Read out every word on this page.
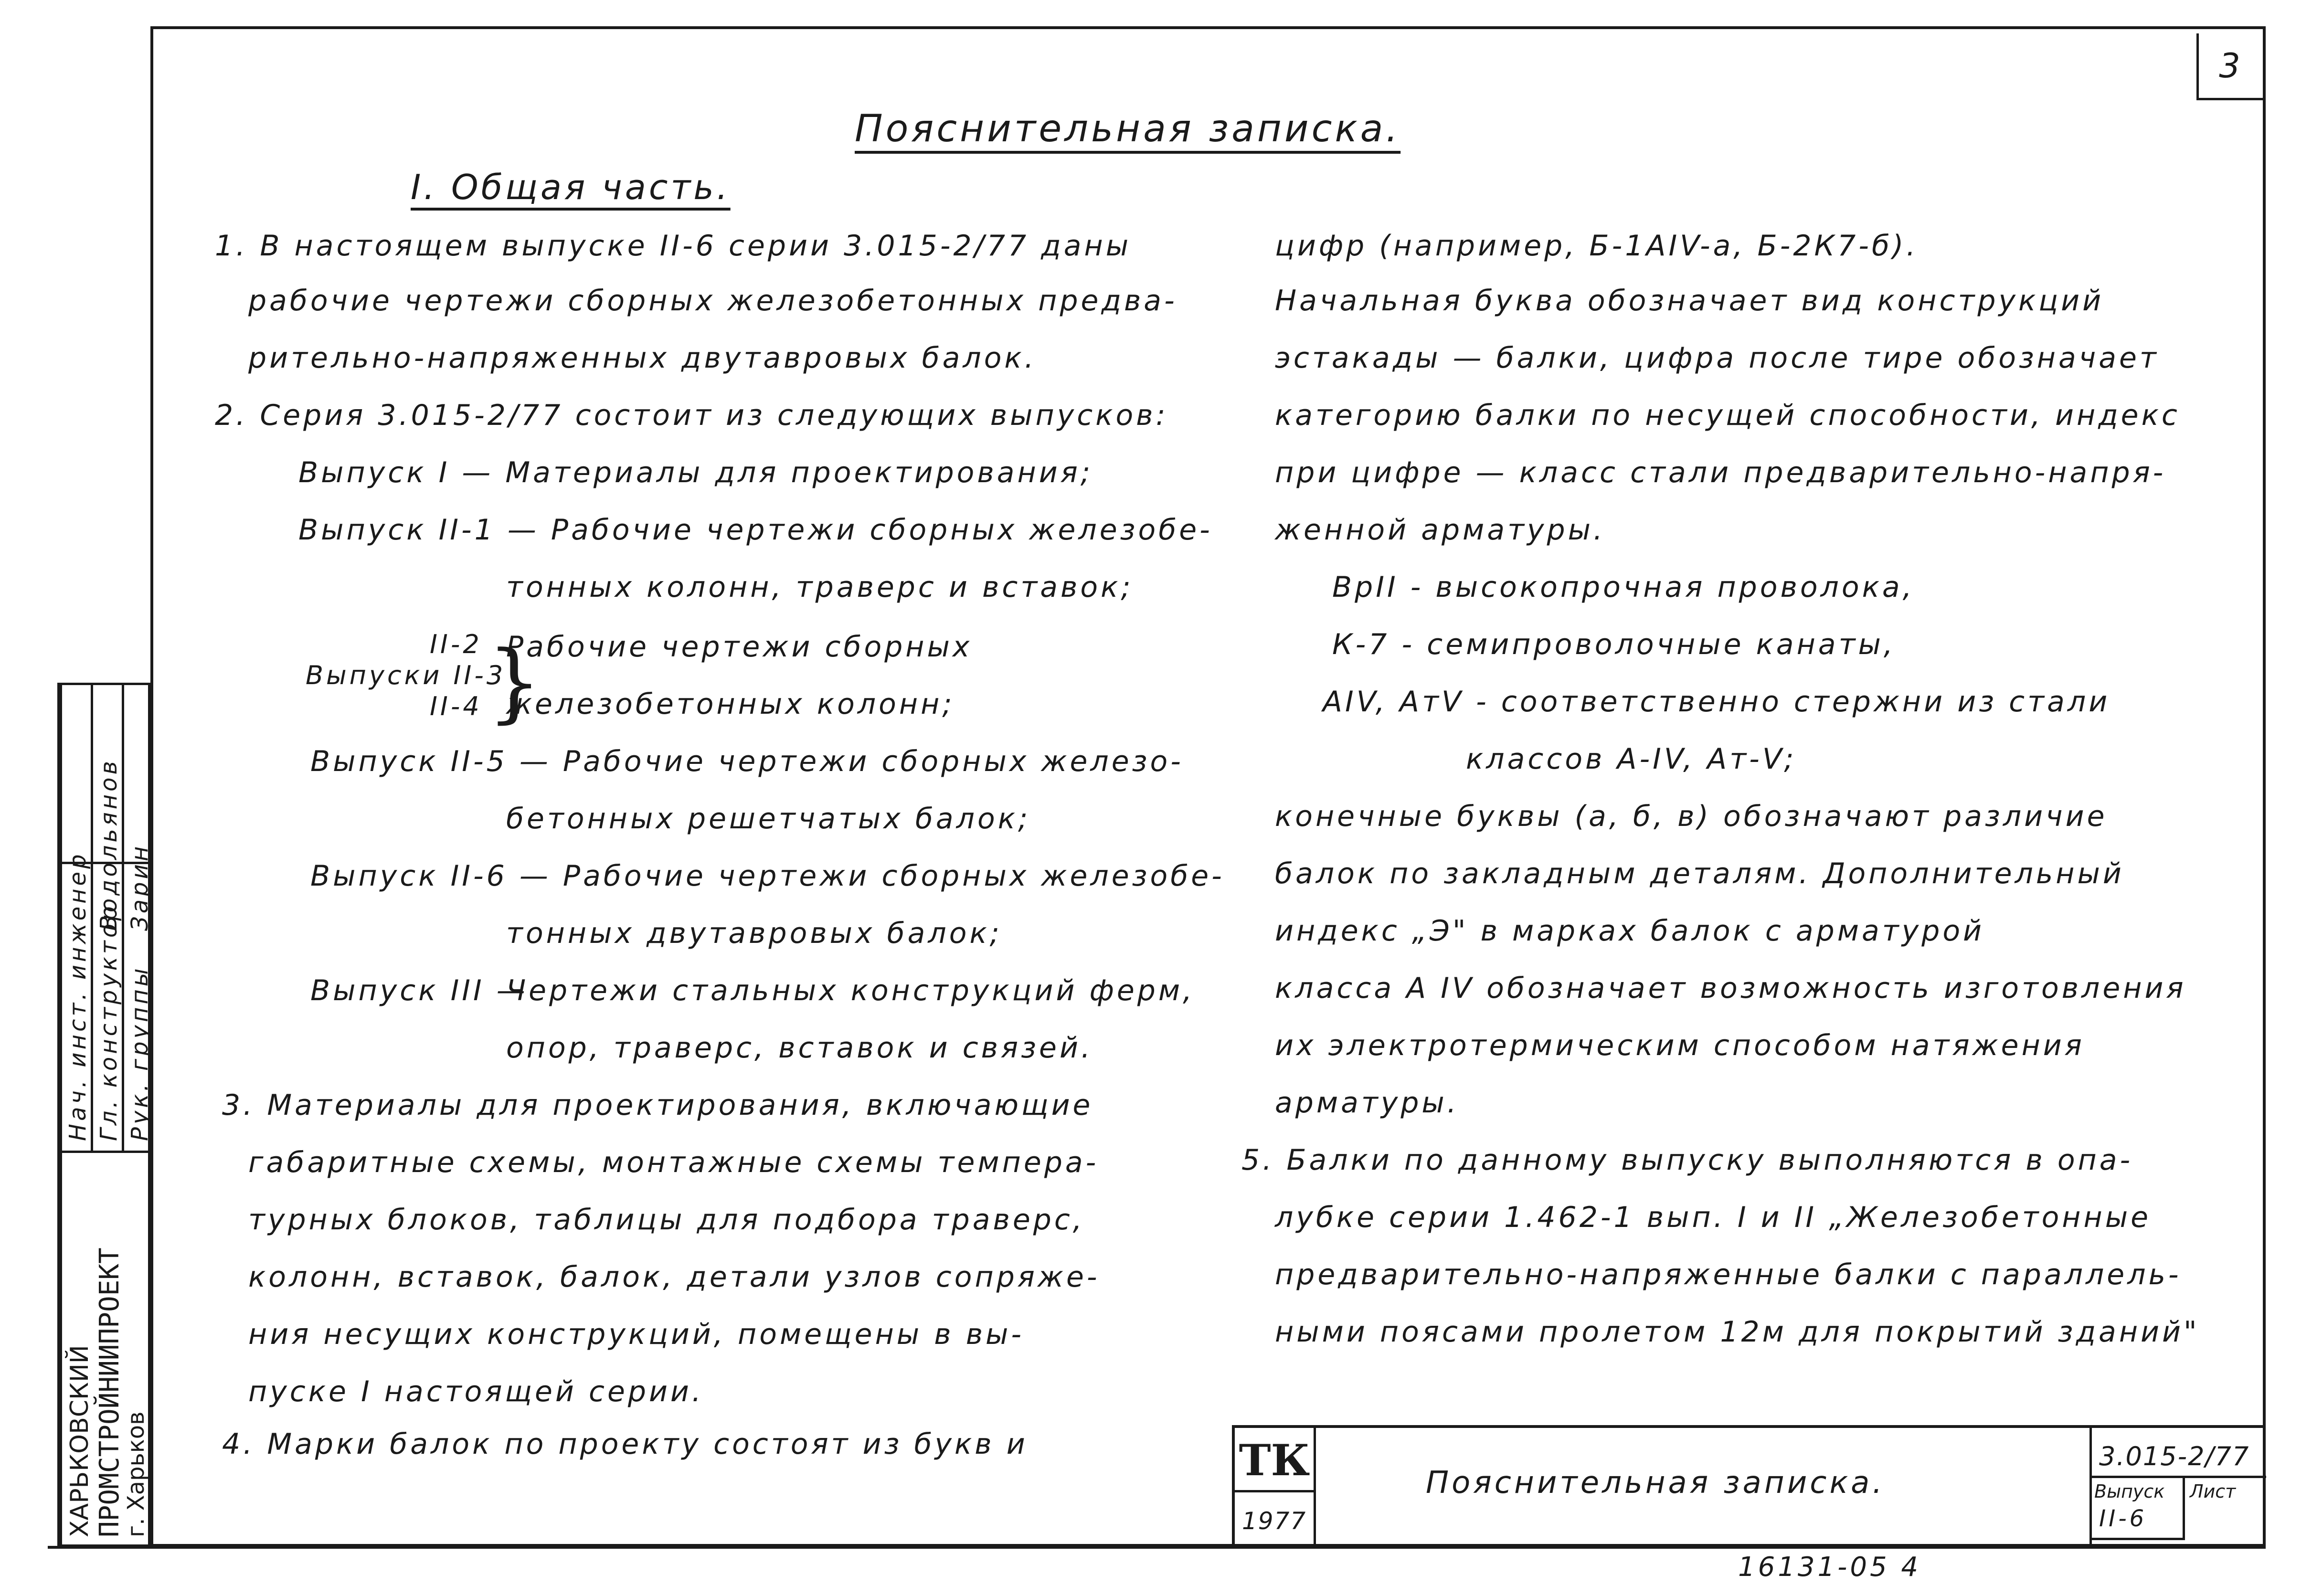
3
Пояснительная записка.
I. Общая часть.
1. В настоящем выпуске II-6 серии 3.015-2/77 даны
рабочие чертежи сборных железобетонных предва-
рительно-напряженных двутавровых балок.
2. Серия 3.015-2/77 состоит из следующих выпусков:
Выпуск I — Материалы для проектирования;
Выпуск II-1 — Рабочие чертежи сборных железобе-
тонных колонн, траверс и вставок;
II-2
Выпуски II-3
II-4 }
Рабочие чертежи сборных
железобетонных колонн;
Выпуск II-5 — Рабочие чертежи сборных железо-
бетонных решетчатых балок;
Выпуск II-6 — Рабочие чертежи сборных железобе-
тонных двутавровых балок;
Выпуск III —
Чертежи стальных конструкций ферм,
опор, траверс, вставок и связей.
3. Материалы для проектирования, включающие
габаритные схемы, монтажные схемы темпера-
турных блоков, таблицы для подбора траверс,
колонн, вставок, балок, детали узлов сопряже-
ния несущих конструкций, помещены в вы-
пуске I настоящей серии.
4. Марки балок по проекту состоят из букв и
цифр (например, Б-1АIV-а, Б-2К7-б).
Начальная буква обозначает вид конструкций
эстакады — балки, цифра после тире обозначает
категорию балки по несущей способности, индекс
при цифре — класс стали предварительно-напря-
женной арматуры.
BpII - высокопрочная проволока,
К-7 - семипроволочные канаты,
АIV, АтV - соответственно стержни из стали
классов А-IV, Ат-V;
конечные буквы (а, б, в) обозначают различие
балок по закладным деталям. Дополнительный
индекс „Э" в марках балок с арматурой
класса А IV обозначает возможность изготовления
их электротермическим способом натяжения
арматуры.
5. Балки по данному выпуску выполняются в опа-
лубке серии 1.462-1 вып. I и II „Железобетонные
предварительно-напряженные балки с параллель-
ными поясами пролетом 12м для покрытий зданий"
Нач. инст. инженер Гл. конструктор Рук. группы
Водольянов Зарин
ХАРЬКОВСКИЙ ПРОМСТРОЙНИИПРОЕКТ
г. Харьков	ТК
1977
Пояснительная записка.
3.015-2/77
Выпуск
II-6
Лист
16131-05 4
